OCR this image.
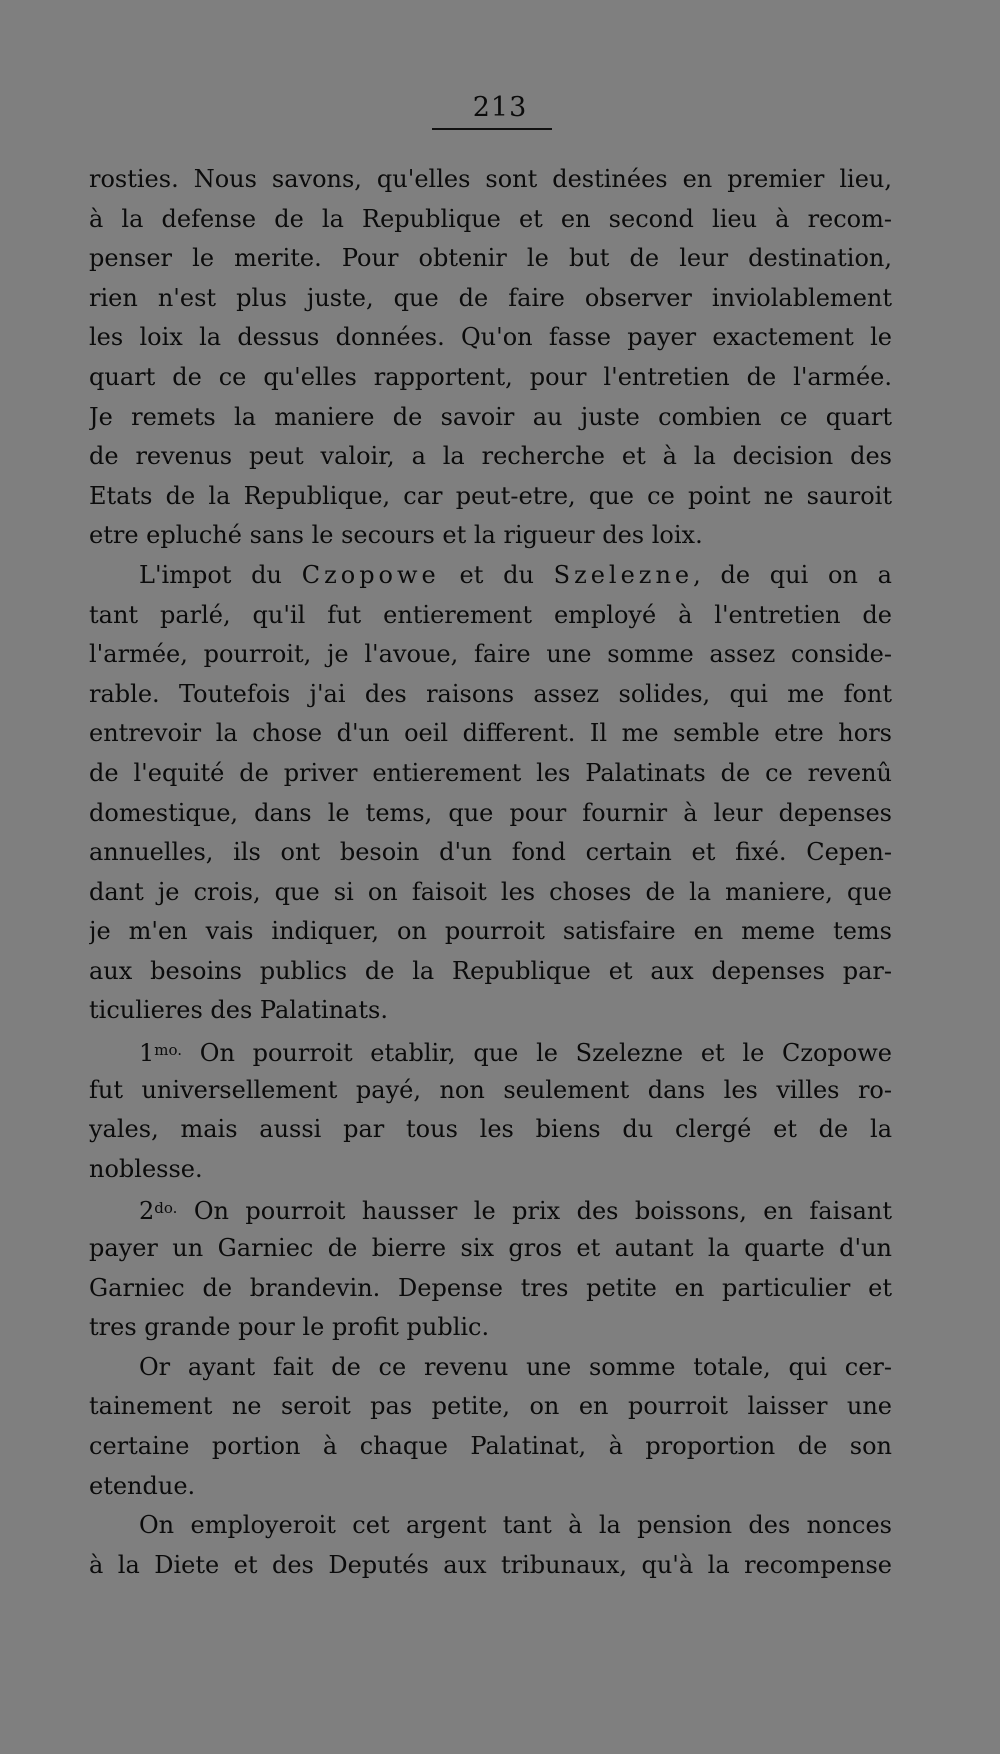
213
rosties. Nous savons, qu'elles sont destinées en premier lieu,
à la defense de la Republique et en second lieu à recom-
penser le merite. Pour obtenir le but de leur destination,
rien n'est plus juste, que de faire observer inviolablement
les loix la dessus données. Qu'on fasse payer exactement le
quart de ce qu'elles rapportent, pour l'entretien de l'armée.
Je remets la maniere de savoir au juste combien ce quart
de revenus peut valoir, a la recherche et à la decision des
Etats de la Republique, car peut-etre, que ce point ne sauroit
etre epluché sans le secours et la rigueur des loix.
L'impot du Czopowe et du Szelezne, de qui on a
tant parlé, qu'il fut entierement employé à l'entretien de
l'armée, pourroit, je l'avoue, faire une somme assez conside-
rable. Toutefois j'ai des raisons assez solides, qui me font
entrevoir la chose d'un oeil different. Il me semble etre hors
de l'equité de priver entierement les Palatinats de ce revenû
domestique, dans le tems, que pour fournir à leur depenses
annuelles, ils ont besoin d'un fond certain et fixé. Cepen-
dant je crois, que si on faisoit les choses de la maniere, que
je m'en vais indiquer, on pourroit satisfaire en meme tems
aux besoins publics de la Republique et aux depenses par-
ticulieres des Palatinats.
$1^{mo.}$ On pourroit etablir, que le Szelezne et le Czopowe
fut universellement payé, non seulement dans les villes ro-
yales, mais aussi par tous les biens du clergé et de la
noblesse.
$2^{do.}$ On pourroit hausser le prix des boissons, en faisant
payer un Garniec de bierre six gros et autant la quarte d'un
Garniec de brandevin. Depense tres petite en particulier et
tres grande pour le profit public.
Or ayant fait de ce revenu une somme totale, qui cer-
tainement ne seroit pas petite, on en pourroit laisser une
certaine portion à chaque Palatinat, à proportion de son
etendue.
On employeroit cet argent tant à la pension des nonces
à la Diete et des Deputés aux tribunaux, qu'à la recompense
